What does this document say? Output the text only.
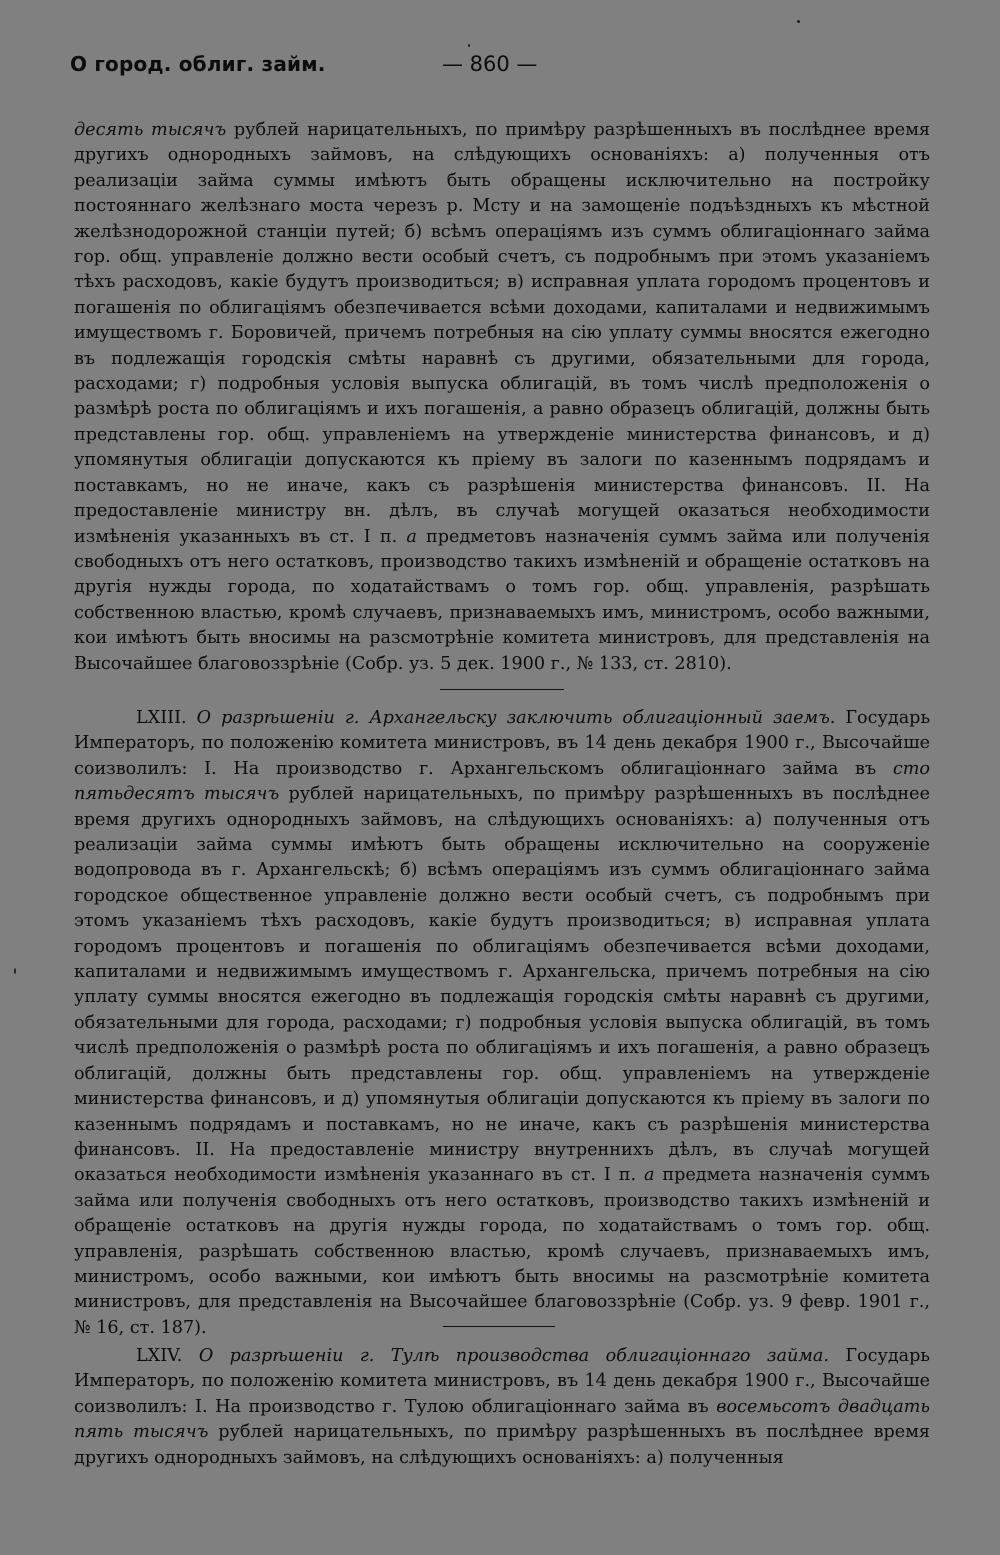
О город. облиг. займ.	— 860 —

десять тысячъ рублей нарицательныхъ, по примѣру разрѣшенныхъ въ послѣднее время другихъ однородныхъ займовъ, на слѣдующихъ основаніяхъ: а) полученныя отъ реализаціи займа суммы имѣютъ быть обращены исключительно на постройку постояннаго желѣзнаго моста черезъ р. Мсту и на замощеніе подъѣздныхъ къ мѣстной желѣзнодорожной станціи путей; б) всѣмъ операціямъ изъ суммъ облигаціоннаго займа гор. общ. управленіе должно вести особый счетъ, съ подробнымъ при этомъ указаніемъ тѣхъ расходовъ, какіе будутъ производиться; в) исправная уплата городомъ процентовъ и погашенія по облигаціямъ обезпечивается всѣми доходами, капиталами и недвижимымъ имуществомъ г. Боровичей, причемъ потребныя на сію уплату суммы вносятся ежегодно въ подлежащія городскія смѣты наравнѣ съ другими, обязательными для города, расходами; г) подробныя условія выпуска облигацій, въ томъ числѣ предположенія о размѣрѣ роста по облигаціямъ и ихъ погашенія, а равно образецъ облигацій, должны быть представлены гор. общ. управленіемъ на утвержденіе министерства финансовъ, и д) упомянутыя облигаціи допускаются къ пріему въ залоги по казеннымъ подрядамъ и поставкамъ, но не иначе, какъ съ разрѣшенія министерства финансовъ. II. На предоставленіе министру вн. дѣлъ, въ случаѣ могущей оказаться необходимости измѣненія указанныхъ въ ст. I п. а предметовъ назначенія суммъ займа или полученія свободныхъ отъ него остатковъ, производство такихъ измѣненій и обращеніе остатковъ на другія нужды города, по ходатайствамъ о томъ гор. общ. управленія, разрѣшать собственною властью, кромѣ случаевъ, признаваемыхъ имъ, министромъ, особо важными, кои имѣютъ быть вносимы на разсмотрѣніе комитета министровъ, для представленія на Высочайшее благовоззрѣніе (Собр. уз. 5 дек. 1900 г., № 133, ст. 2810).

LXIII. О разрѣшеніи г. Архангельску заключить облигаціонный заемъ. Государь Императоръ, по положенію комитета министровъ, въ 14 день декабря 1900 г., Высочайше соизволилъ: I. На производство г. Архангельскомъ облигаціоннаго займа въ сто пятьдесятъ тысячъ рублей нарицательныхъ, по примѣру разрѣшенныхъ въ послѣднее время другихъ однородныхъ займовъ, на слѣдующихъ основаніяхъ: а) полученныя отъ реализаціи займа суммы имѣютъ быть обращены исключительно на сооруженіе водопровода въ г. Архангельскѣ; б) всѣмъ операціямъ изъ суммъ облигаціоннаго займа городское общественное управленіе должно вести особый счетъ, съ подробнымъ при этомъ указаніемъ тѣхъ расходовъ, какіе будутъ производиться; в) исправная уплата городомъ процентовъ и погашенія по облигаціямъ обезпечивается всѣми доходами, капиталами и недвижимымъ имуществомъ г. Архангельска, причемъ потребныя на сію уплату суммы вносятся ежегодно въ подлежащія городскія смѣты наравнѣ съ другими, обязательными для города, расходами; г) подробныя условія выпуска облигацій, въ томъ числѣ предположенія о размѣрѣ роста по облигаціямъ и ихъ погашенія, а равно образецъ облигацій, должны быть представлены гор. общ. управленіемъ на утвержденіе министерства финансовъ, и д) упомянутыя облигаціи допускаются къ пріему въ залоги по казеннымъ подрядамъ и поставкамъ, но не иначе, какъ съ разрѣшенія министерства финансовъ. II. На предоставленіе министру внутреннихъ дѣлъ, въ случаѣ могущей оказаться необходимости измѣненія указаннаго въ ст. I п. а предмета назначенія суммъ займа или полученія свободныхъ отъ него остатковъ, производство такихъ измѣненій и обращеніе остатковъ на другія нужды города, по ходатайствамъ о томъ гор. общ. управленія, разрѣшать собственною властью, кромѣ случаевъ, признаваемыхъ имъ, министромъ, особо важными, кои имѣютъ быть вносимы на разсмотрѣніе комитета министровъ, для представленія на Высочайшее благовоззрѣніе (Собр. уз. 9 февр. 1901 г., № 16, ст. 187).

LXIV. О разрѣшеніи г. Тулѣ производства облигаціоннаго займа. Государь Императоръ, по положенію комитета министровъ, въ 14 день декабря 1900 г., Высочайше соизволилъ: I. На производство г. Тулою облигаціоннаго займа въ восемьсотъ двадцать пять тысячъ рублей нарицательныхъ, по примѣру разрѣшенныхъ въ послѣднее время другихъ однородныхъ займовъ, на слѣдующихъ основаніяхъ: а) полученныя
